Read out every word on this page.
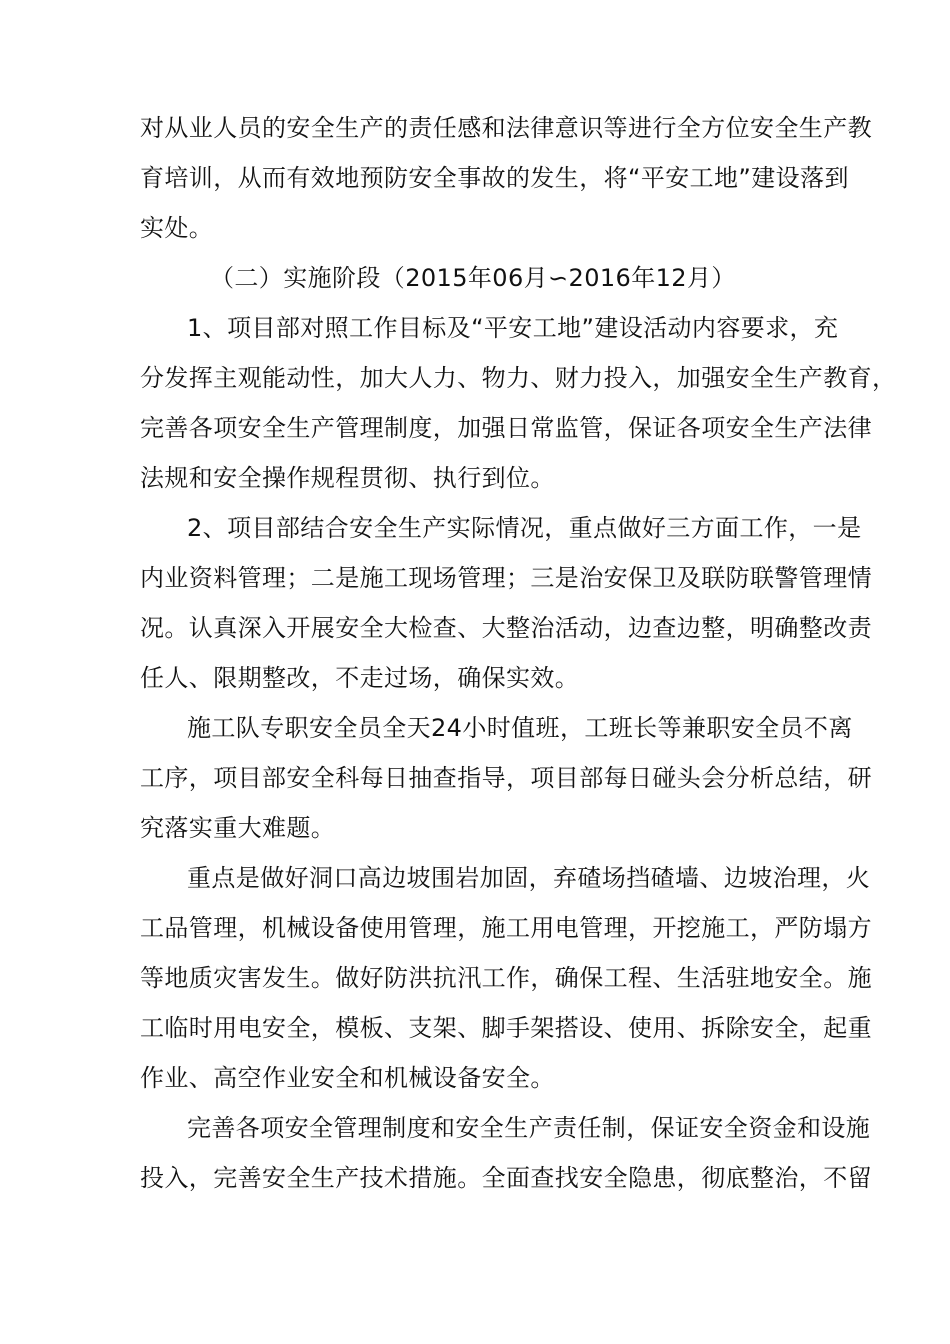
对从业人员的安全生产的责任感和法律意识等进行全方位安全生产教
育培训，从而有效地预防安全事故的发生，将“平安工地”建设落到
实处。
（二）实施阶段（2015年06月∽2016年12月）
1、项目部对照工作目标及“平安工地”建设活动内容要求，充
分发挥主观能动性，加大人力、物力、财力投入，加强安全生产教育，
完善各项安全生产管理制度，加强日常监管，保证各项安全生产法律
法规和安全操作规程贯彻、执行到位。
2、项目部结合安全生产实际情况，重点做好三方面工作，一是
内业资料管理；二是施工现场管理；三是治安保卫及联防联警管理情
况。认真深入开展安全大检查、大整治活动，边查边整，明确整改责
任人、限期整改，不走过场，确保实效。
施工队专职安全员全天24小时值班，工班长等兼职安全员不离
工序，项目部安全科每日抽查指导，项目部每日碰头会分析总结，研
究落实重大难题。
重点是做好洞口高边坡围岩加固，弃碴场挡碴墙、边坡治理，火
工品管理，机械设备使用管理，施工用电管理，开挖施工，严防塌方
等地质灾害发生。做好防洪抗汛工作，确保工程、生活驻地安全。施
工临时用电安全，模板、支架、脚手架搭设、使用、拆除安全，起重
作业、高空作业安全和机械设备安全。
完善各项安全管理制度和安全生产责任制，保证安全资金和设施
投入，完善安全生产技术措施。全面查找安全隐患，彻底整治，不留
